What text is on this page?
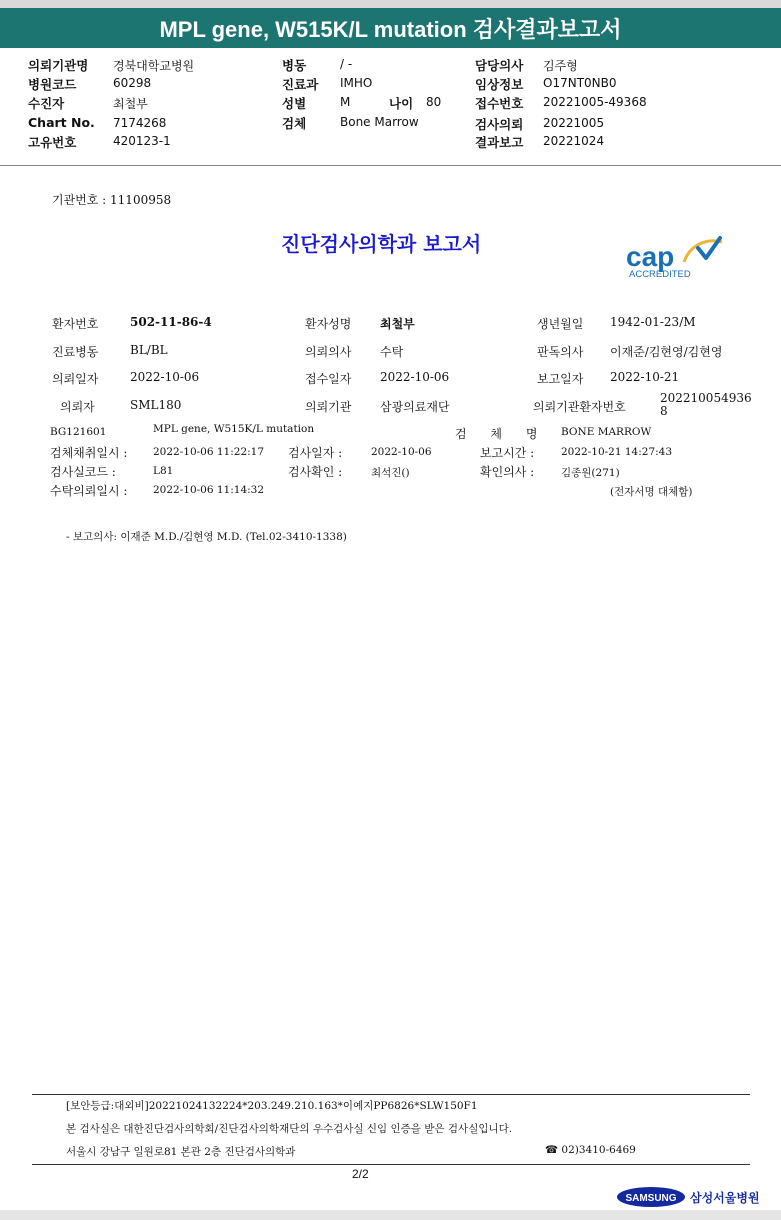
MPL gene, W515K/L mutation 검사결과보고서
의뢰기관명 경북대학교병원	병동	/ -	담당의사 김주형
병원코드	60298	진료과 IMHO	임상정보 O17NT0NB0
수진자	최철부	성별	M	나이 80	접수번호 20221005-49368
Chart No. 7174268	검체	Bone Marrow	검사의뢰 20221005
고유번호	420123-1	결과보고 20221024
기관번호 : 11100958
진단검사의학과 보고서	cap
ACCREDITED
환자번호	502-11-86-4	환자성명 최철부	생년월일 1942-01-23/M
진료병동	BL/BL	의뢰의사 수탁	판독의사 이재준/김현영/김현영
의뢰일자	2022-10-06	접수일자 2022-10-06	보고일자 2022-10-21
의뢰자	SML180	의뢰기관 삼광의료재단	의뢰기관환자번호
202210054936
8
BG121601	MPL gene, W515K/L mutation	검 체 명 BONE MARROW
검체채취일시 : 2022-10-06 11:22:17 검사일자 :	2022-10-06	보고시간 :	2022-10-21 14:27:43
검사실코드 :	L81	검사확인 :	최석진()	확인의사 :	김종원(271)
수탁의뢰일시 : 2022-10-06 11:14:32	(전자서명 대체함)
- 보고의사: 이재준 M.D./김현영 M.D. (Tel.02-3410-1338)
[보안등급:대외비]20221024132224*203.249.210.163*이예지PP6826*SLW150F1
본 검사실은 대한진단검사의학회/진단검사의학재단의 우수검사실 신임 인증을 받은 검사실입니다.
서울시 강남구 일원로81 본관 2층 진단검사의학과	☎ 02)3410-6469
2/2
SAMSUNG 삼성서울병원
